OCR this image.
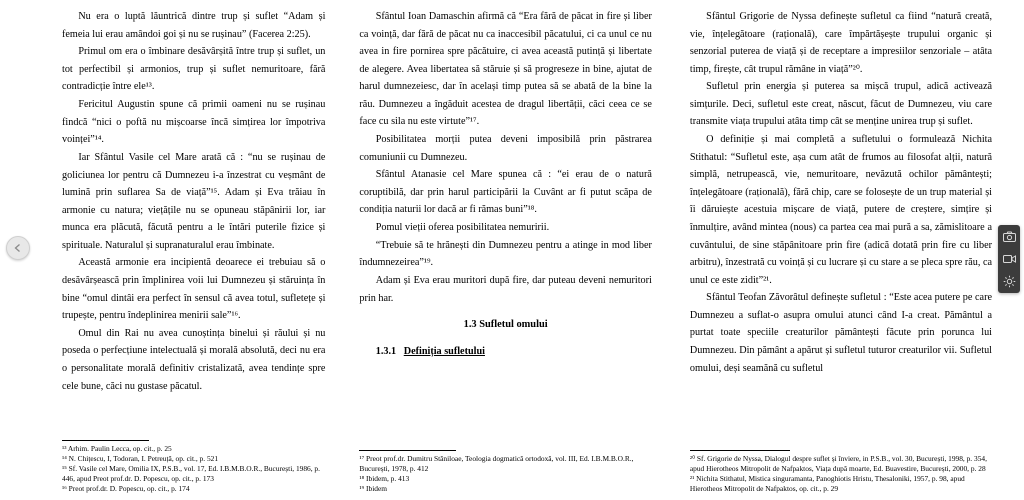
Nu era o luptă lăuntrică dintre trup și suflet “Adam și femeia lui erau amândoi goi și nu se rușinau” (Facerea 2:25).

Primul om era o îmbinare desăvârșită între trup și suflet, un tot perfectibil și armonios, trup și suflet nemuritoare, fără contradicție între ele¹³.

Fericitul Augustin spune că primii oameni nu se rușinau findcă “nici o poftă nu mișcoarse încă simțirea lor împotriva voinței”¹⁴.

Iar Sfântul Vasile cel Mare arată că : “nu se rușinau de goliciunea lor pentru că Dumnezeu i-a înzestrat cu veșmânt de lumină prin suflarea Sa de viață”¹⁵. Adam și Eva trăiau în armonie cu natura; viețățile nu se opuneau stăpânirii lor, iar munca era plăcută, făcută pentru a le întări puterile fizice și spirituale. Naturalul și supranaturalul erau îmbinate.

Această armonie era incipientă deoarece ei trebuiau să o desăvârșească prin împlinirea voii lui Dumnezeu și stăruința în bine “omul dintâi era perfect în sensul că avea totul, sufletețe și trupește, pentru îndeplinirea menirii sale”¹⁶.

Omul din Rai nu avea cunoștința binelui și răului și nu poseda o perfecțiune intelectuală și morală absolută, deci nu era o personalitate morală definitiv cristalizată, avea tendințe spre cele bune, căci nu gustase păcatul.

¹³ Arhim. Paulin Lecca, op. cit., p. 25

¹⁴ N. Chițescu, I, Todoran, I. Petreuță, op. cit., p. 521

¹⁵ Sf. Vasile cel Mare, Omilia IX, P.S.B., vol. 17, Ed. I.B.M.B.O.R., București, 1986, p. 446, apud Preot prof.dr. D. Popescu, op. cit., p. 173

¹⁶ Preot prof.dr. D. Popescu, op. cit., p. 174

Sfântul Ioan Damaschin afirmă că “Era fără de păcat in fire și liber ca voință, dar fără de păcat nu ca inaccesibil păcatului, ci ca unul ce nu avea in fire pornirea spre păcătuire, ci avea această putință și libertate de alegere. Avea libertatea să stăruie și să progreseze in bine, ajutat de harul dumnezeiesc, dar în același timp putea să se abată de la bine la rău. Dumnezeu a îngăduit acestea de dragul libertății, căci ceea ce se face cu sila nu este virtute”¹⁷.

Posibilitatea morții putea deveni imposibilă prin păstrarea comuniunii cu Dumnezeu.

Sfântul Atanasie cel Mare spunea că : “ei erau de o natură coruptibilă, dar prin harul participării la Cuvânt ar fi putut scăpa de condiția naturii lor dacă ar fi rămas buni”¹⁸.

Pomul vieții oferea posibilitatea nemuririi.

“Trebuie să te hrănești din Dumnezeu pentru a atinge in mod liber îndumnezeirea”¹⁹.

Adam și Eva erau muritori după fire, dar puteau deveni nemuritori prin har.

1.3 Sufletul omului

1.3.1 Definiția sufletului

¹⁷ Preot prof.dr. Dumitru Stăniloae, Teologia dogmatică ortodoxă, vol. III, Ed. I.B.M.B.O.R., București, 1978, p. 412

¹⁸ Ibidem, p. 413

¹⁹ Ibidem

Sfântul Grigorie de Nyssa definește sufletul ca fiind “natură creată, vie, înțelegătoare (rațională), care împărtășește trupului organic și senzorial puterea de viață și de receptare a impresiilor senzoriale – atâta timp, firește, cât trupul rămâne in viață”²⁰.

Sufletul prin energia și puterea sa mișcă trupul, adică activează simțurile. Deci, sufletul este creat, născut, făcut de Dumnezeu, viu care transmite viața trupului atâta timp cât se menține unirea trup și suflet.

O definiție și mai completă a sufletului o formulează Nichita Stithatul: “Sufletul este, așa cum atât de frumos au filosofat alții, natură simplă, netrupească, vie, nemuritoare, nevăzută ochilor pământești; înțelegătoare (rațională), fără chip, care se folosește de un trup material și îi dăruiește acestuia mișcare de viață, putere de creștere, simțire și înmulțire, având mintea (nous) ca partea cea mai pură a sa, zămislitoare a cuvântului, de sine stăpânitoare prin fire (adică dotată prin fire cu liber arbitru), înzestrată cu voință și cu lucrare și cu stare a se pleca spre rău, ca unul ce este zidit”²¹.

Sfântul Teofan Zăvorâtul definește sufletul : “Este acea putere pe care Dumnezeu a suflat-o asupra omului atunci când I-a creat. Pământul a purtat toate speciile creaturilor pământești făcute prin porunca lui Dumnezeu. Din pământ a apărut și sufletul tuturor creaturilor vii. Sufletul omului, deși seamănă cu sufletul

²⁰ Sf. Grigorie de Nyssa, Dialogul despre suflet și înviere, in P.S.B., vol. 30, București, 1998, p. 354, apud Hierotheos Mitropolit de Nafpaktos, Viața după moarte, Ed. Buavestire, București, 2000, p. 28

²¹ Nichita Stithatul, Mistica singuramanta, Panoghiotis Hristu, Thesaloniki, 1957, p. 98, apud Hierotheos Mitropolit de Nafpaktos, op. cit., p. 29
